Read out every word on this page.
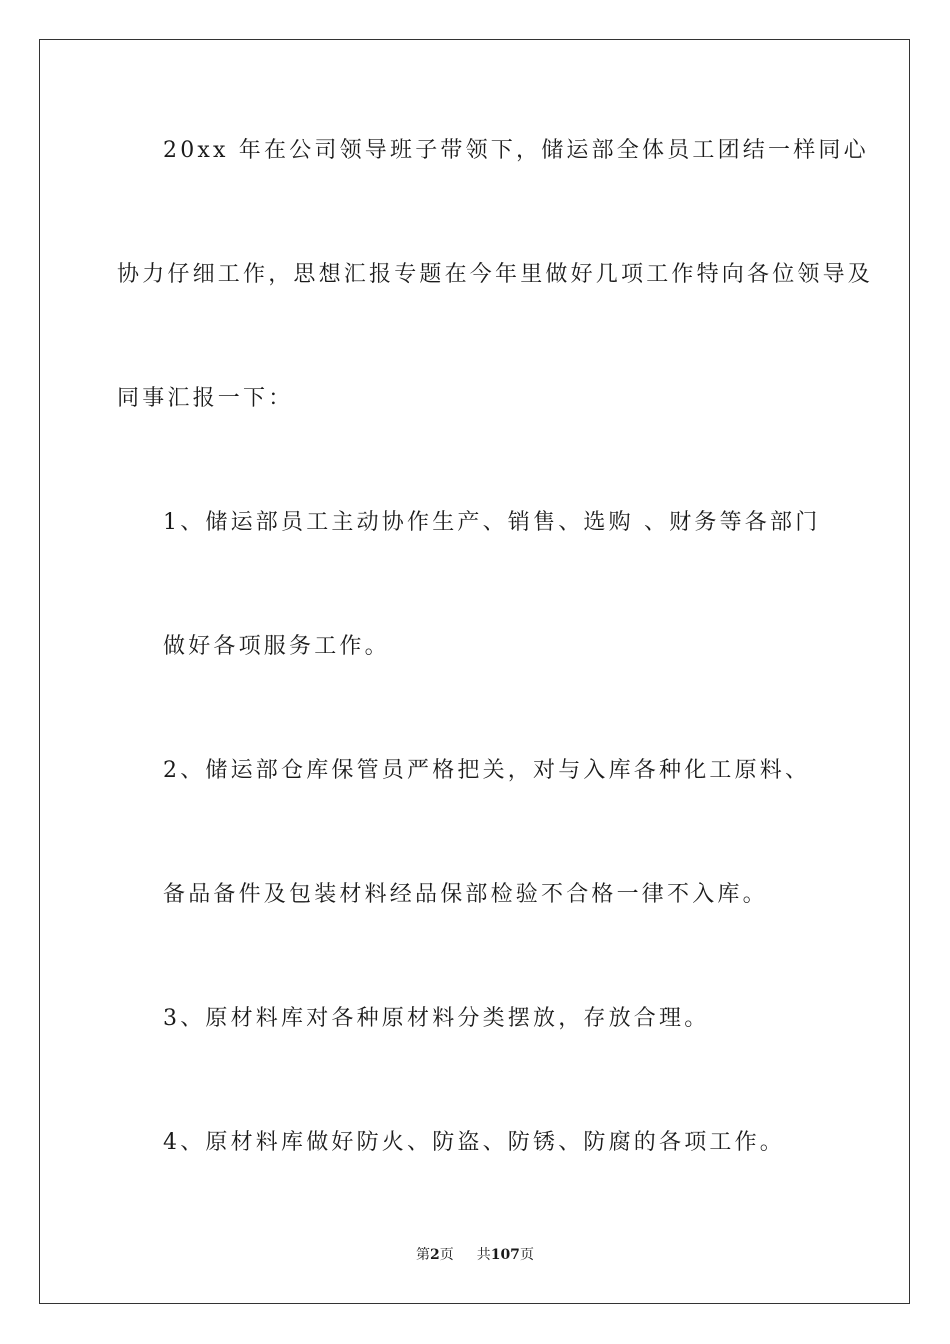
20xx 年在公司领导班子带领下，储运部全体员工团结一样同心
协力仔细工作，思想汇报专题在今年里做好几项工作特向各位领导及
同事汇报一下：
1、储运部员工主动协作生产、销售、选购 、财务等各部门
做好各项服务工作。
2、储运部仓库保管员严格把关，对与入库各种化工原料、
备品备件及包装材料经品保部检验不合格一律不入库。
3、原材料库对各种原材料分类摆放，存放合理。
4、原材料库做好防火、防盗、防锈、防腐的各项工作。
第2页 共107页
